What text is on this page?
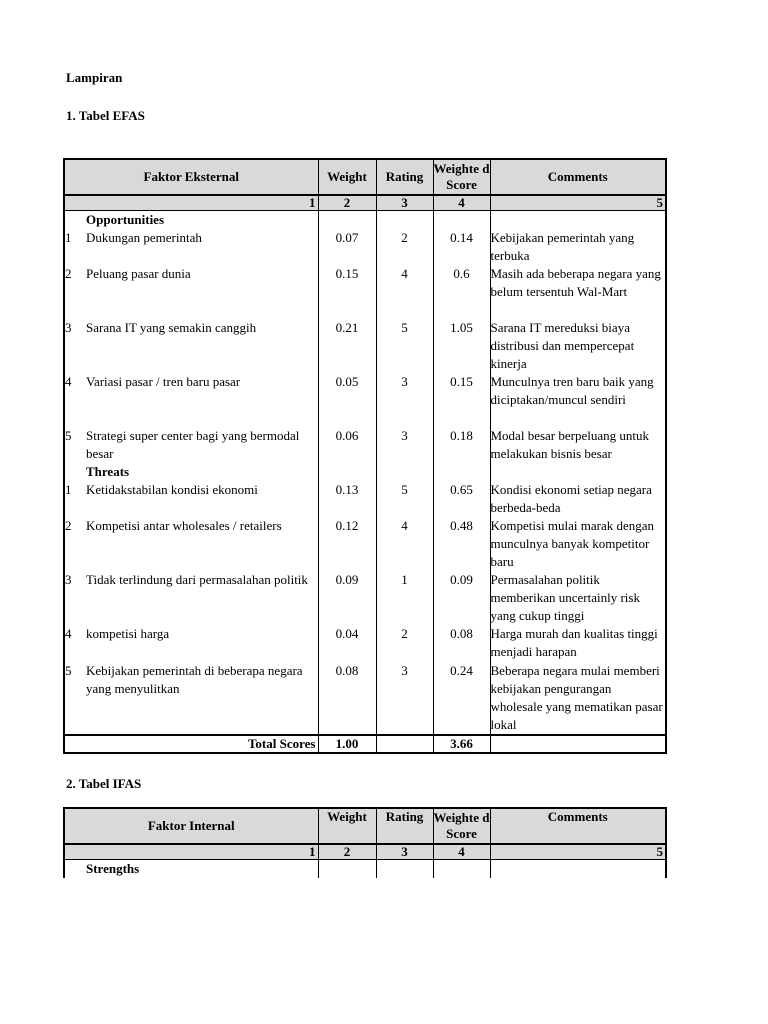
Lampiran
1. Tabel EFAS
Faktor Eksternal		Weight	Rating	Weighte d Score	Comments
1		2	3	4	5
	Opportunities				
1	Dukungan pemerintah	0.07	2	0.14	Kebijakan pemerintah yang terbuka
2	Peluang pasar dunia	0.15	4	0.6	Masih ada beberapa negara yang belum tersentuh Wal-Mart
3	Sarana IT yang semakin canggih	0.21	5	1.05	Sarana IT mereduksi biaya distribusi dan mempercepat kinerja
4	Variasi pasar / tren baru pasar	0.05	3	0.15	Munculnya tren baru baik yang diciptakan/muncul sendiri
5	Strategi super center bagi yang bermodal besar	0.06	3	0.18	Modal besar berpeluang untuk melakukan bisnis besar
	Threats				
1	Ketidakstabilan kondisi ekonomi	0.13	5	0.65	Kondisi ekonomi setiap negara berbeda-beda
2	Kompetisi antar wholesales / retailers	0.12	4	0.48	Kompetisi mulai marak dengan munculnya banyak kompetitor baru
3	Tidak terlindung dari permasalahan politik	0.09	1	0.09	Permasalahan politik memberikan uncertainly risk yang cukup tinggi
4	kompetisi harga	0.04	2	0.08	Harga murah dan kualitas tinggi menjadi harapan
5	Kebijakan pemerintah di beberapa negara yang menyulitkan	0.08	3	0.24	Beberapa negara mulai memberi kebijakan pengurangan wholesale yang mematikan pasar lokal
Total Scores		1.00		3.66	
2. Tabel IFAS
Faktor Internal		Weight	Rating	Weighte d Score	Comments
1		2	3	4	5
	Strengths				
